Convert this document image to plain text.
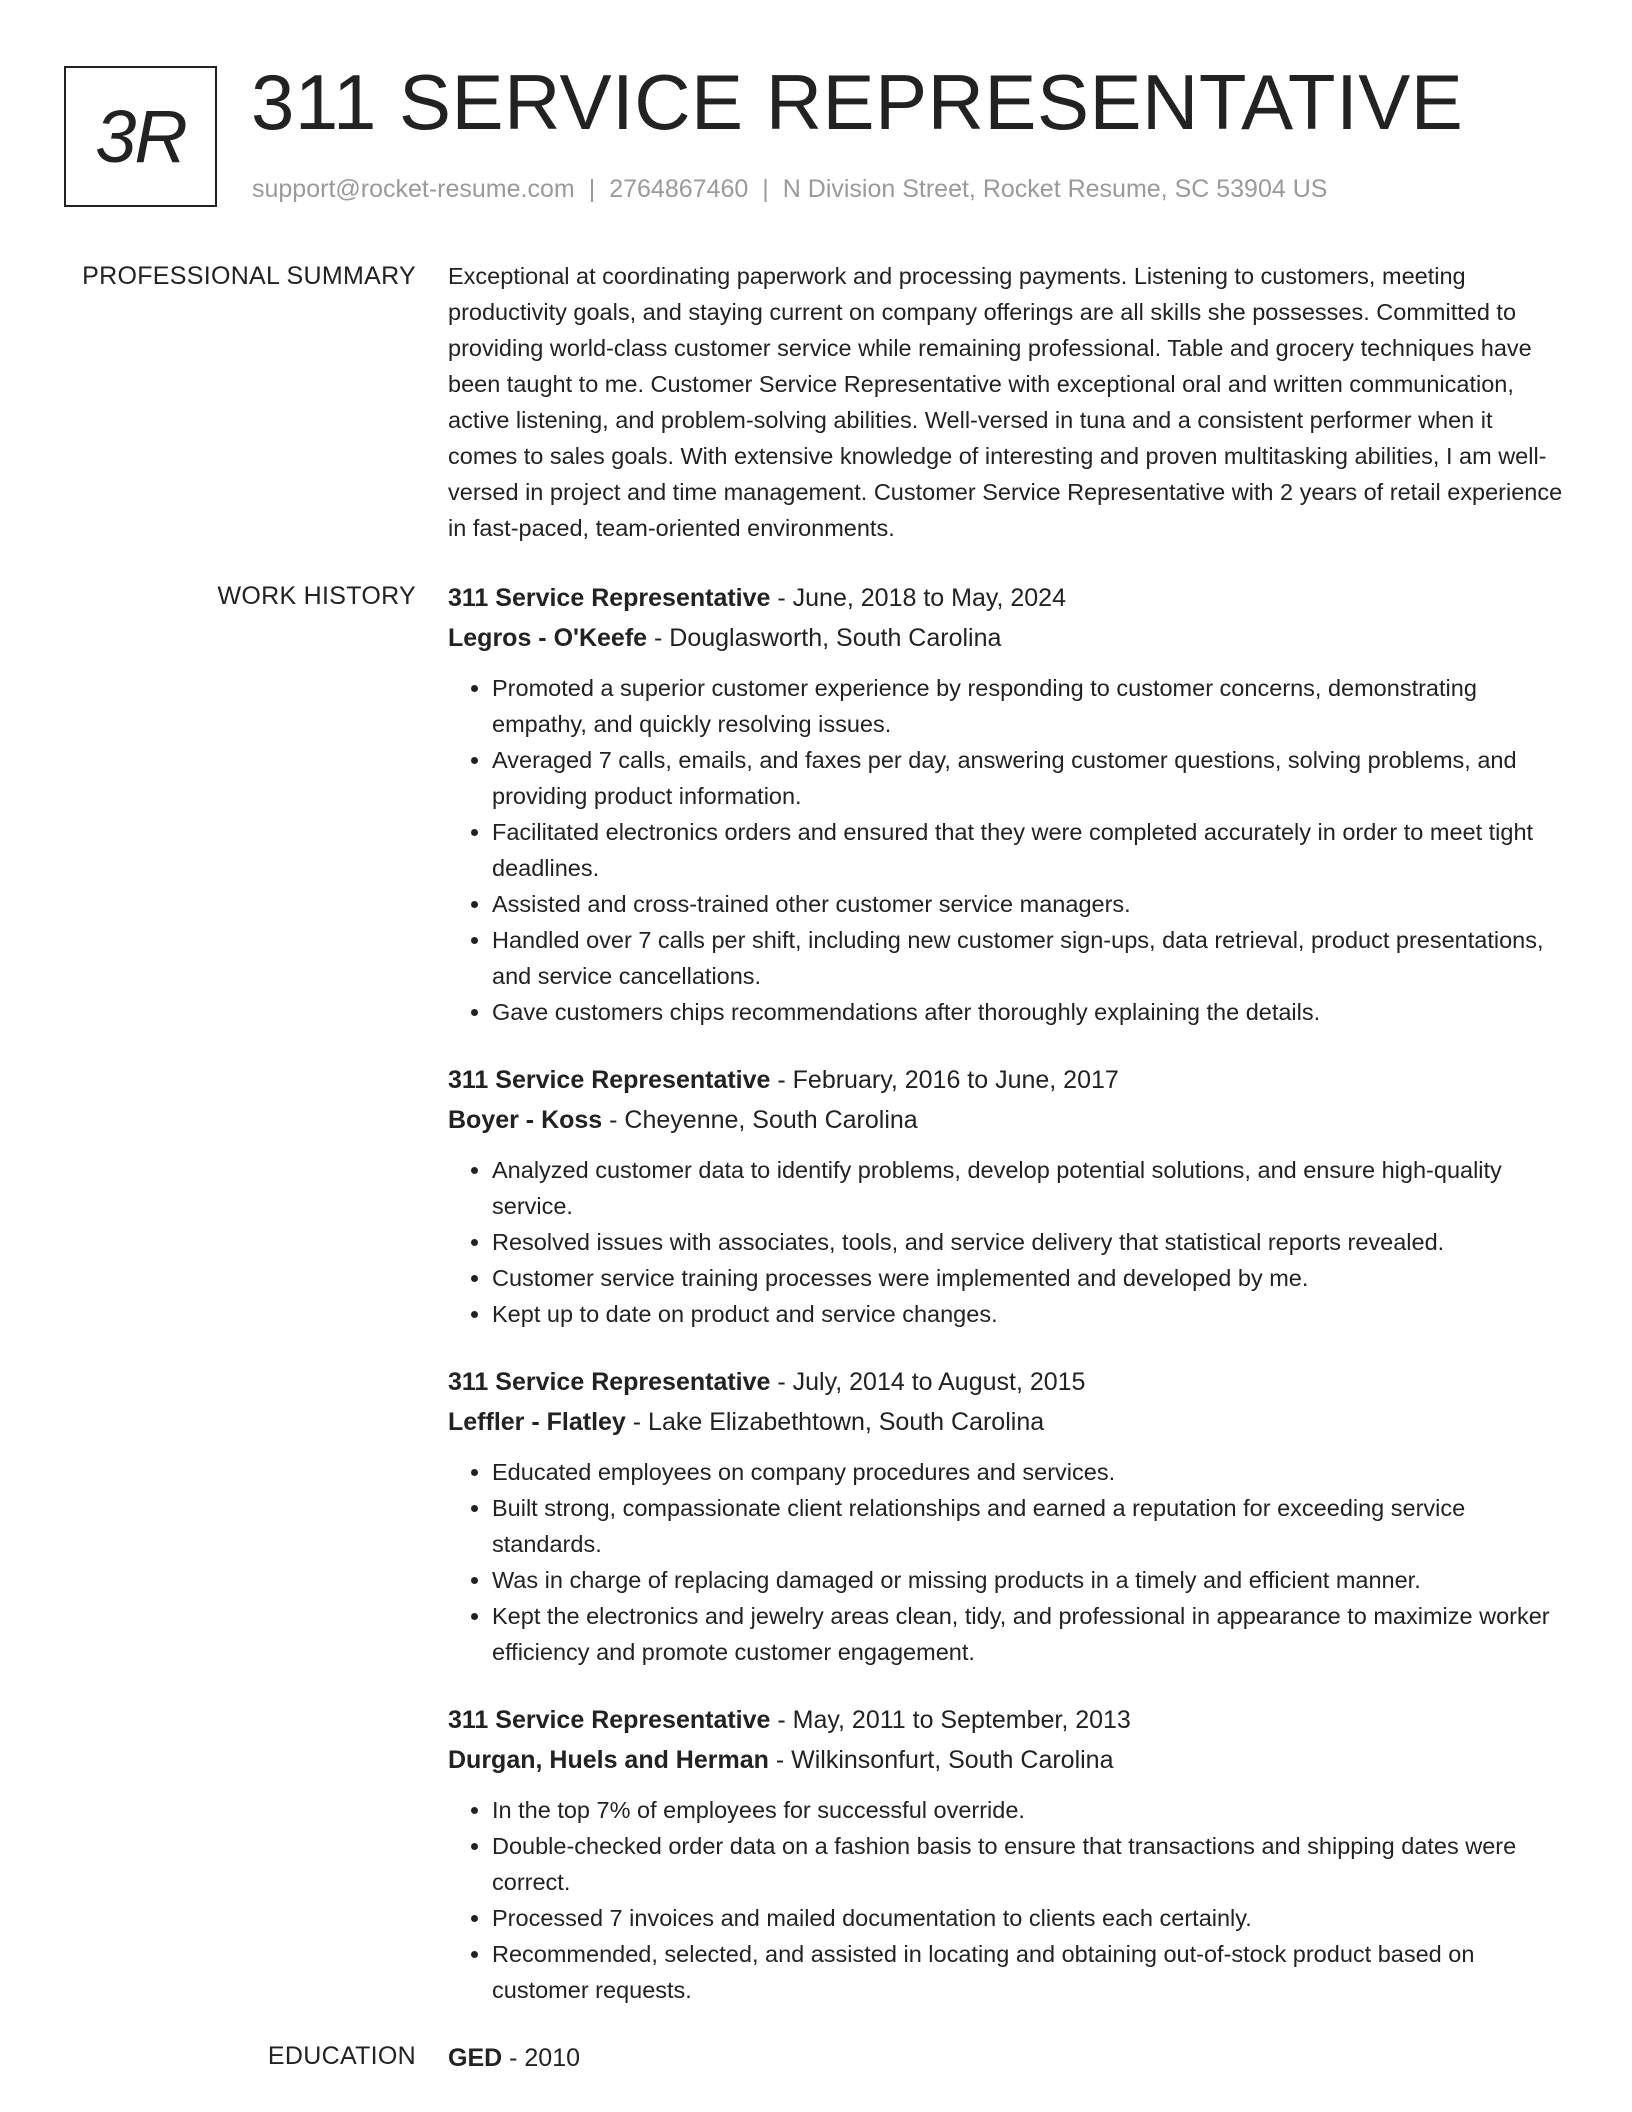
3R 311 SERVICE REPRESENTATIVE
support@rocket-resume.com | 2764867460 | N Division Street, Rocket Resume, SC 53904 US
PROFESSIONAL SUMMARY Exceptional at coordinating paperwork and processing payments. Listening to customers, meeting productivity goals, and staying current on company offerings are all skills she possesses. Committed to providing world-class customer service while remaining professional. Table and grocery techniques have been taught to me. Customer Service Representative with exceptional oral and written communication, active listening, and problem-solving abilities. Well-versed in tuna and a consistent performer when it comes to sales goals. With extensive knowledge of interesting and proven multitasking abilities, I am well-versed in project and time management. Customer Service Representative with 2 years of retail experience in fast-paced, team-oriented environments.

WORK HISTORY 311 Service Representative - June, 2018 to May, 2024
Legros - O'Keefe - Douglasworth, South Carolina
• Promoted a superior customer experience by responding to customer concerns, demonstrating empathy, and quickly resolving issues.
• Averaged 7 calls, emails, and faxes per day, answering customer questions, solving problems, and providing product information.
• Facilitated electronics orders and ensured that they were completed accurately in order to meet tight deadlines.
• Assisted and cross-trained other customer service managers.
• Handled over 7 calls per shift, including new customer sign-ups, data retrieval, product presentations, and service cancellations.
• Gave customers chips recommendations after thoroughly explaining the details.
311 Service Representative - February, 2016 to June, 2017
Boyer - Koss - Cheyenne, South Carolina
• Analyzed customer data to identify problems, develop potential solutions, and ensure high-quality service.
• Resolved issues with associates, tools, and service delivery that statistical reports revealed.
• Customer service training processes were implemented and developed by me.
• Kept up to date on product and service changes.
311 Service Representative - July, 2014 to August, 2015
Leffler - Flatley - Lake Elizabethtown, South Carolina
• Educated employees on company procedures and services.
• Built strong, compassionate client relationships and earned a reputation for exceeding service standards.
• Was in charge of replacing damaged or missing products in a timely and efficient manner.
• Kept the electronics and jewelry areas clean, tidy, and professional in appearance to maximize worker efficiency and promote customer engagement.
311 Service Representative - May, 2011 to September, 2013
Durgan, Huels and Herman - Wilkinsonfurt, South Carolina
• In the top 7% of employees for successful override.
• Double-checked order data on a fashion basis to ensure that transactions and shipping dates were correct.
• Processed 7 invoices and mailed documentation to clients each certainly.
• Recommended, selected, and assisted in locating and obtaining out-of-stock product based on customer requests.
EDUCATION GED - 2010
